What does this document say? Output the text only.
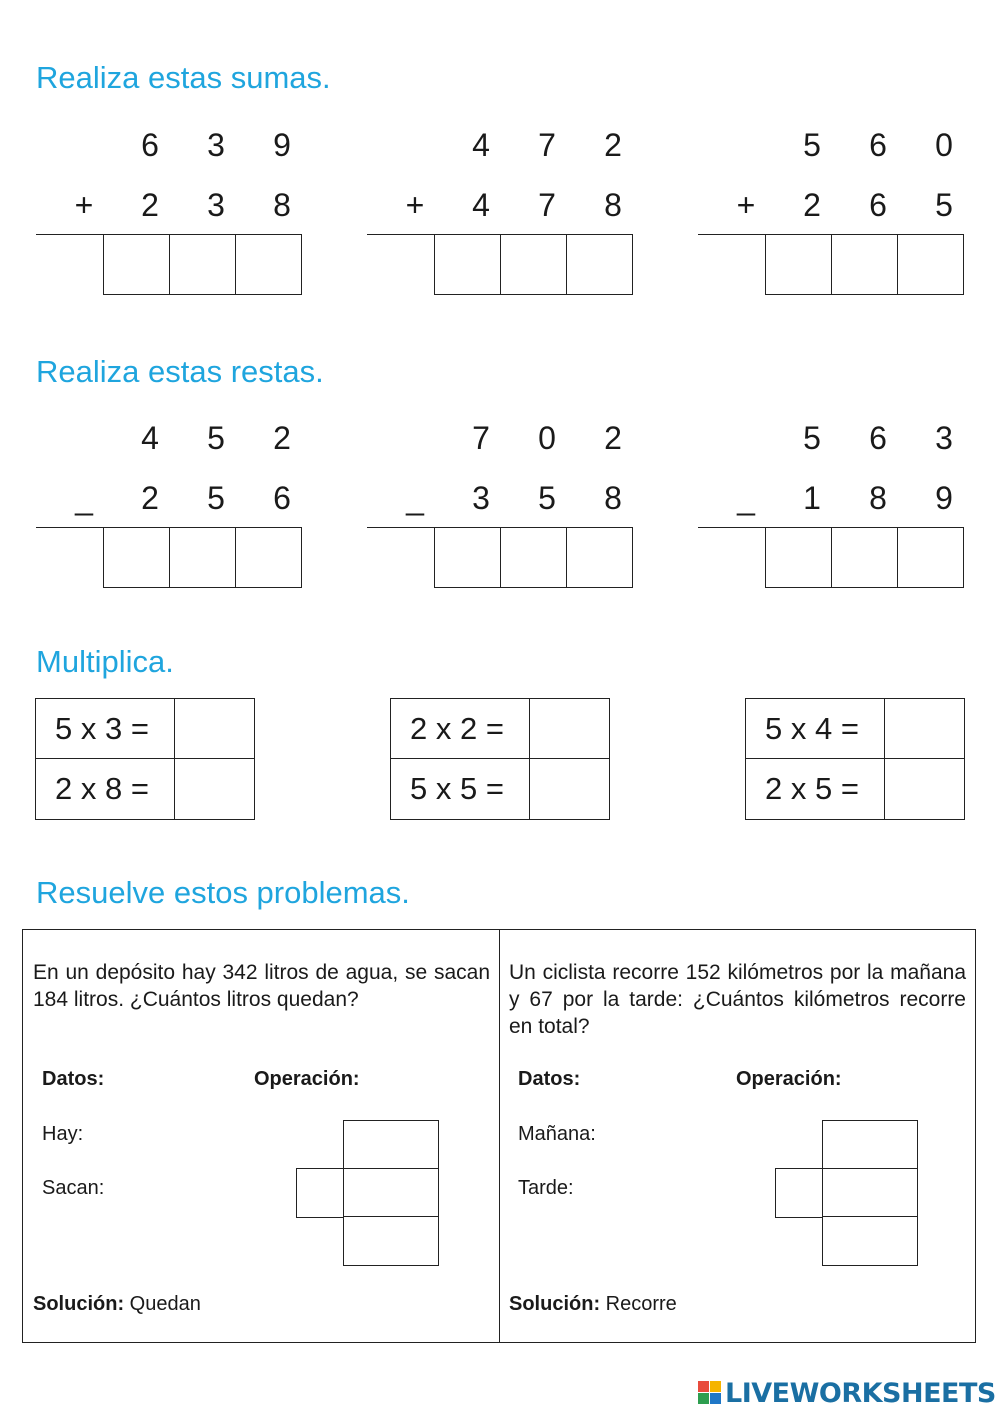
Realiza estas sumas.
6	3	9
+	2	3	8
4	7	2
+	4	7	8
5	6	0
+	2	6	5
Realiza estas restas.
4	5	2
_	2	5	6
7	0	2
_	3	5	8
5	6	3
_	1	8	9
Multiplica.
5 x 3 =
2 x 8 =
2 x 2 =
5 x 5 =
5 x 4 =
2 x 5 =
Resuelve estos problemas.
En un depósito hay 342 litros de agua, se sacan 184 litros. ¿Cuántos litros quedan?
Datos:	Operación:
Hay:
Sacan:
Solución: Quedan
Un ciclista recorre 152 kilómetros por la mañana y 67 por la tarde: ¿Cuántos kilómetros recorre en total?
Datos:	Operación:
Mañana:
Tarde:
Solución: Recorre
LIVEWORKSHEETS
